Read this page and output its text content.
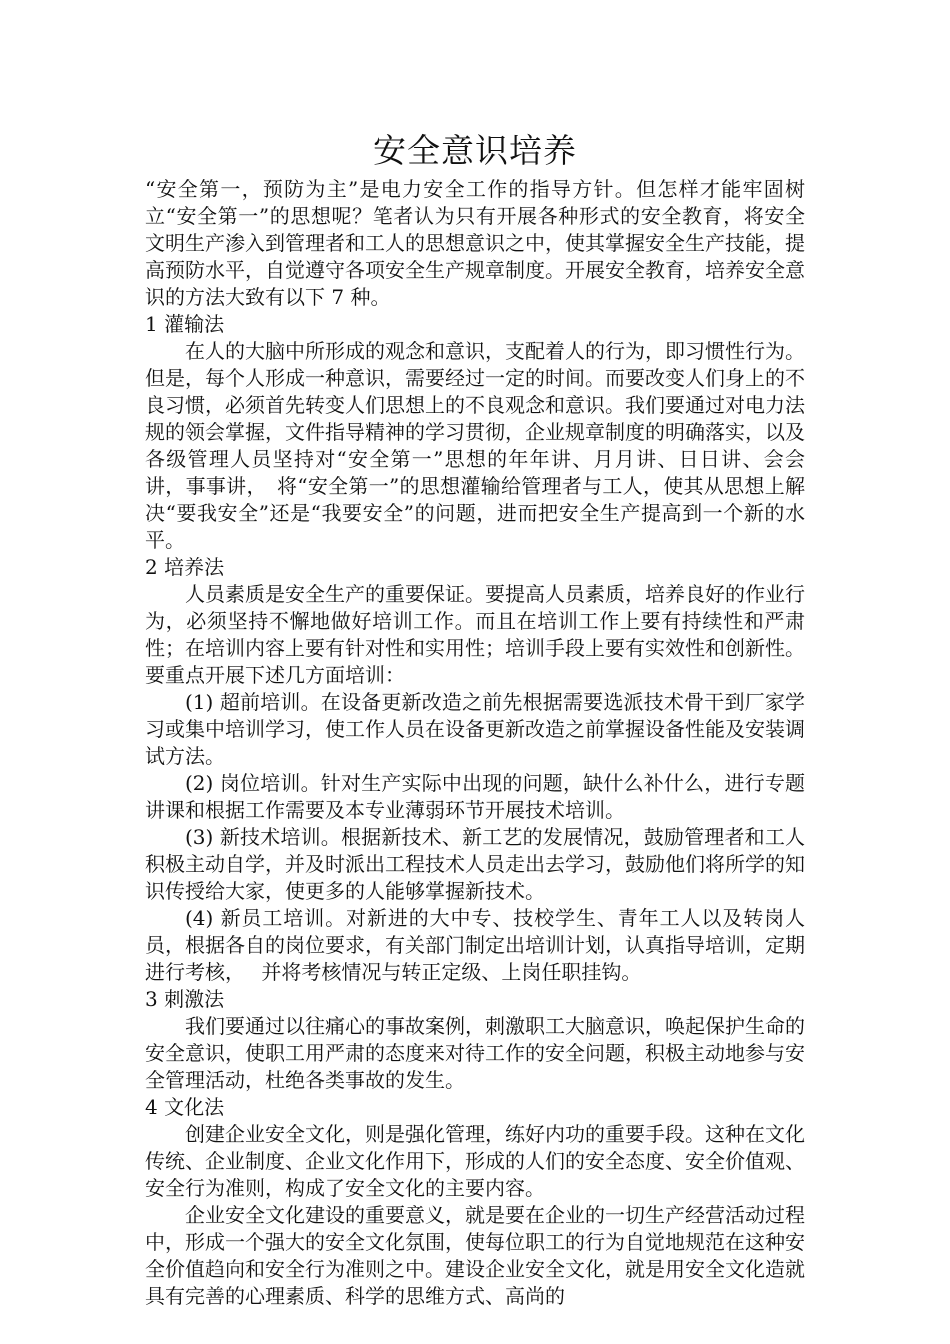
安全意识培养

“安全第一，预防为主”是电力安全工作的指导方针。但怎样才能牢固树立“安全第一”的思想呢？笔者认为只有开展各种形式的安全教育，将安全文明生产渗入到管理者和工人的思想意识之中，使其掌握安全生产技能，提高预防水平，自觉遵守各项安全生产规章制度。开展安全教育，培养安全意识的方法大致有以下 7 种。

1 灌输法

在人的大脑中所形成的观念和意识，支配着人的行为，即习惯性行为。但是，每个人形成一种意识，需要经过一定的时间。而要改变人们身上的不良习惯，必须首先转变人们思想上的不良观念和意识。我们要通过对电力法规的领会掌握，文件指导精神的学习贯彻，企业规章制度的明确落实，以及各级管理人员坚持对“安全第一”思想的年年讲、月月讲、日日讲、会会讲，事事讲，　将“安全第一”的思想灌输给管理者与工人，使其从思想上解决“要我安全”还是“我要安全”的问题，进而把安全生产提高到一个新的水平。

2 培养法

人员素质是安全生产的重要保证。要提高人员素质，培养良好的作业行为，必须坚持不懈地做好培训工作。而且在培训工作上要有持续性和严肃性；在培训内容上要有针对性和实用性；培训手段上要有实效性和创新性。要重点开展下述几方面培训：

(1) 超前培训。在设备更新改造之前先根据需要选派技术骨干到厂家学习或集中培训学习，使工作人员在设备更新改造之前掌握设备性能及安装调试方法。

(2) 岗位培训。针对生产实际中出现的问题，缺什么补什么，进行专题讲课和根据工作需要及本专业薄弱环节开展技术培训。

(3) 新技术培训。根据新技术、新工艺的发展情况，鼓励管理者和工人积极主动自学，并及时派出工程技术人员走出去学习，鼓励他们将所学的知识传授给大家，使更多的人能够掌握新技术。

(4) 新员工培训。对新进的大中专、技校学生、青年工人以及转岗人员，根据各自的岗位要求，有关部门制定出培训计划，认真指导培训，定期进行考核，　 并将考核情况与转正定级、上岗任职挂钩。

3 刺激法

我们要通过以往痛心的事故案例，刺激职工大脑意识，唤起保护生命的安全意识，使职工用严肃的态度来对待工作的安全问题，积极主动地参与安全管理活动，杜绝各类事故的发生。

4 文化法

创建企业安全文化，则是强化管理，练好内功的重要手段。这种在文化传统、企业制度、企业文化作用下，形成的人们的安全态度、安全价值观、安全行为准则，构成了安全文化的主要内容。

企业安全文化建设的重要意义，就是要在企业的一切生产经营活动过程中，形成一个强大的安全文化氛围，使每位职工的行为自觉地规范在这种安全价值趋向和安全行为准则之中。建设企业安全文化，就是用安全文化造就具有完善的心理素质、科学的思维方式、高尚的
